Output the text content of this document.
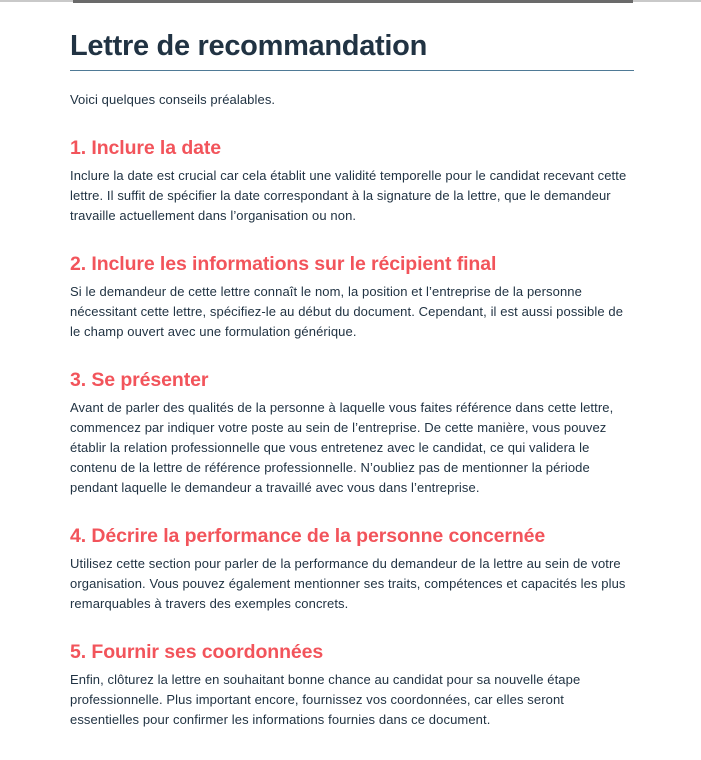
Lettre de recommandation

Voici quelques conseils préalables.

1. Inclure la date

Inclure la date est crucial car cela établit une validité temporelle pour le candidat recevant cette lettre. Il suffit de spécifier la date correspondant à la signature de la lettre, que le demandeur travaille actuellement dans l’organisation ou non.

2. Inclure les informations sur le récipient final

Si le demandeur de cette lettre connaît le nom, la position et l’entreprise de la personne nécessitant cette lettre, spécifiez-le au début du document. Cependant, il est aussi possible de le champ ouvert avec une formulation générique.

3. Se présenter

Avant de parler des qualités de la personne à laquelle vous faites référence dans cette lettre, commencez par indiquer votre poste au sein de l’entreprise. De cette manière, vous pouvez établir la relation professionnelle que vous entretenez avec le candidat, ce qui validera le contenu de la lettre de référence professionnelle. N’oubliez pas de mentionner la période pendant laquelle le demandeur a travaillé avec vous dans l’entreprise.

4. Décrire la performance de la personne concernée

Utilisez cette section pour parler de la performance du demandeur de la lettre au sein de votre organisation. Vous pouvez également mentionner ses traits, compétences et capacités les plus remarquables à travers des exemples concrets.

5. Fournir ses coordonnées

Enfin, clôturez la lettre en souhaitant bonne chance au candidat pour sa nouvelle étape professionnelle. Plus important encore, fournissez vos coordonnées, car elles seront essentielles pour confirmer les informations fournies dans ce document.
